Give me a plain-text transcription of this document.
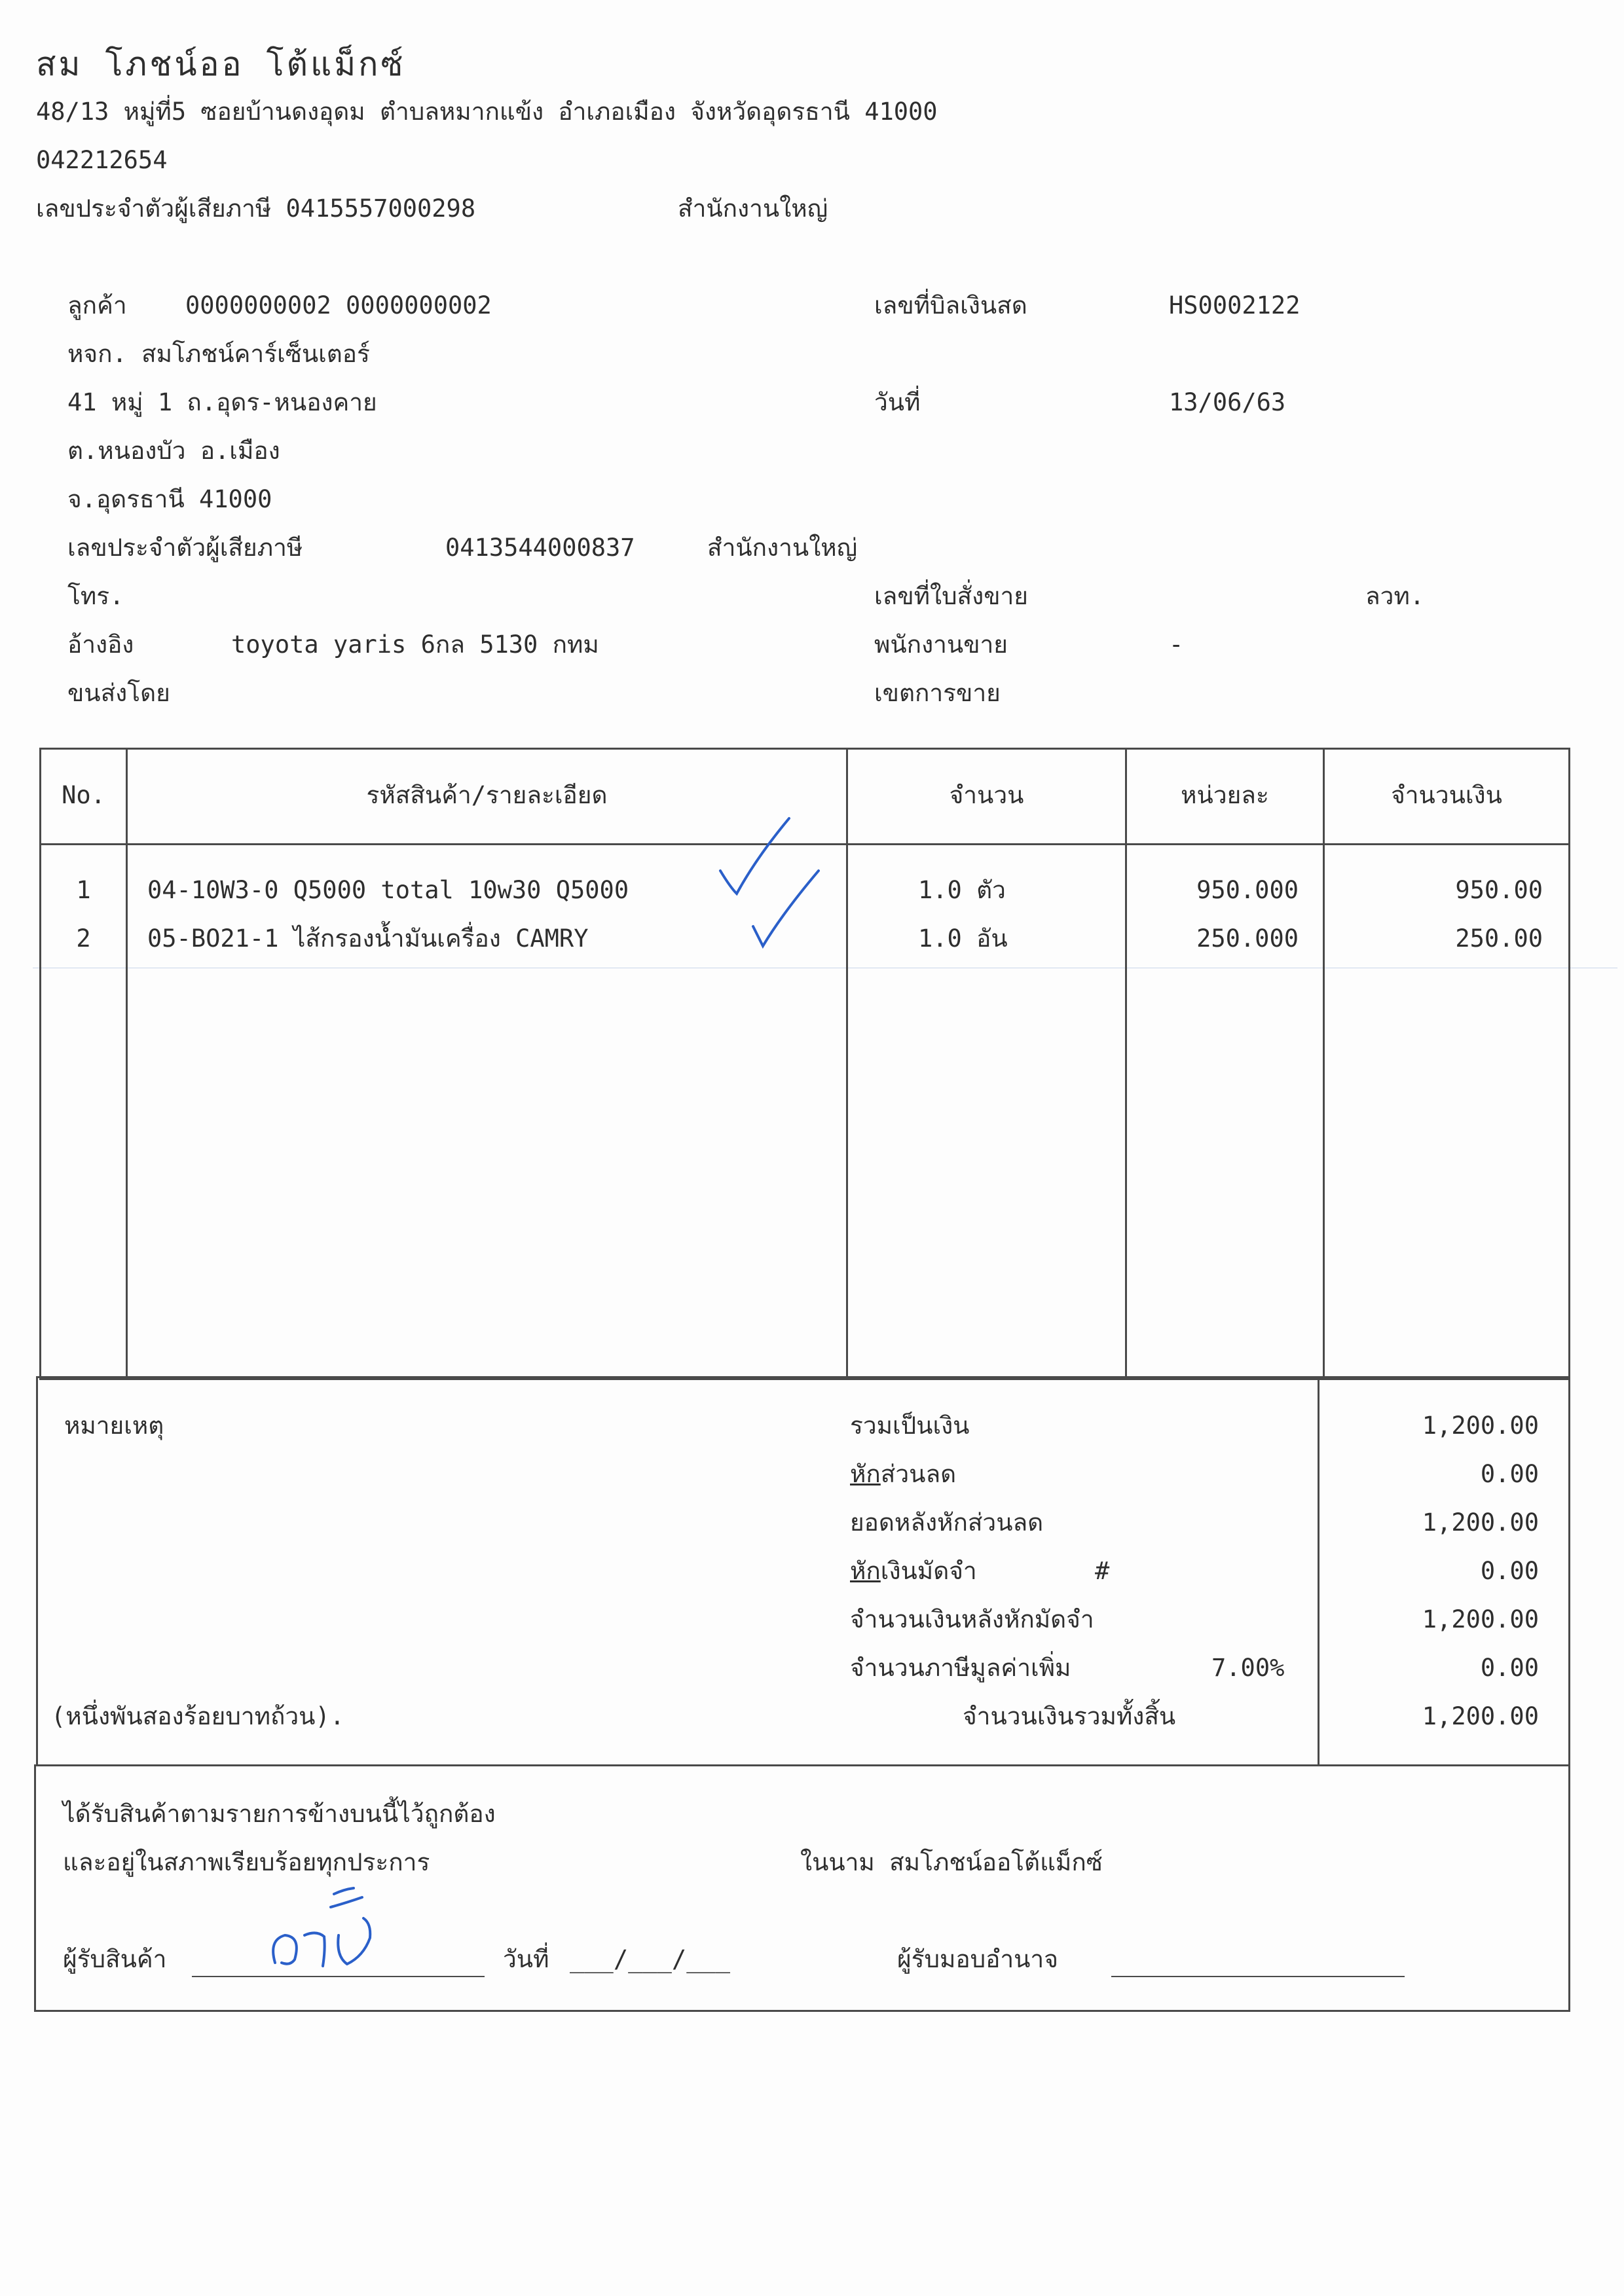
สม โภชน์ออ โต้แม็กซ์
48/13 หมู่ที่5 ซอยบ้านดงอุดม ตำบลหมากแข้ง อำเภอเมือง จังหวัดอุดรธานี 41000
042212654
เลขประจำตัวผู้เสียภาษี 0415557000298	สำนักงานใหญ่
ลูกค้า 0000000002 0000000002
หจก. สมโภชน์คาร์เซ็นเตอร์
41 หมู่ 1 ถ.อุดร-หนองคาย
ต.หนองบัว อ.เมือง
จ.อุดรธานี 41000
เลขประจำตัวผู้เสียภาษี	0413544000837	สำนักงานใหญ่
โทร.
อ้างอิง	toyota yaris 6กล 5130 กทม
ขนส่งโดย
เลขที่บิลเงินสด	HS0002122
วันที่	13/06/63
เลขที่ใบสั่งขาย	ลวท.
พนักงานขาย	-
เขตการขาย
No.	รหัสสินค้า/รายละเอียด	จำนวน	หน่วยละ	จำนวนเงิน
1	04-10W3-0 Q5000 total 10w30 Q5000	1.0 ตัว	950.000	950.00
2	05-BO21-1 ไส้กรองน้ำมันเครื่อง CAMRY	1.0 อัน	250.000	250.00
หมายเหตุ
(หนึ่งพันสองร้อยบาทถ้วน).
รวมเป็นเงิน	1,200.00
หักส่วนลด	0.00
ยอดหลังหักส่วนลด	1,200.00
หักเงินมัดจำ	#	0.00
จำนวนเงินหลังหักมัดจำ	1,200.00
จำนวนภาษีมูลค่าเพิ่ม	7.00%	0.00
จำนวนเงินรวมทั้งสิ้น	1,200.00
ได้รับสินค้าตามรายการข้างบนนี้ไว้ถูกต้อง
และอยู่ในสภาพเรียบร้อยทุกประการ	ในนาม สมโภชน์ออโต้แม็กซ์
ผู้รับสินค้า	วันที่ ___/___/___	ผู้รับมอบอำนาจ
